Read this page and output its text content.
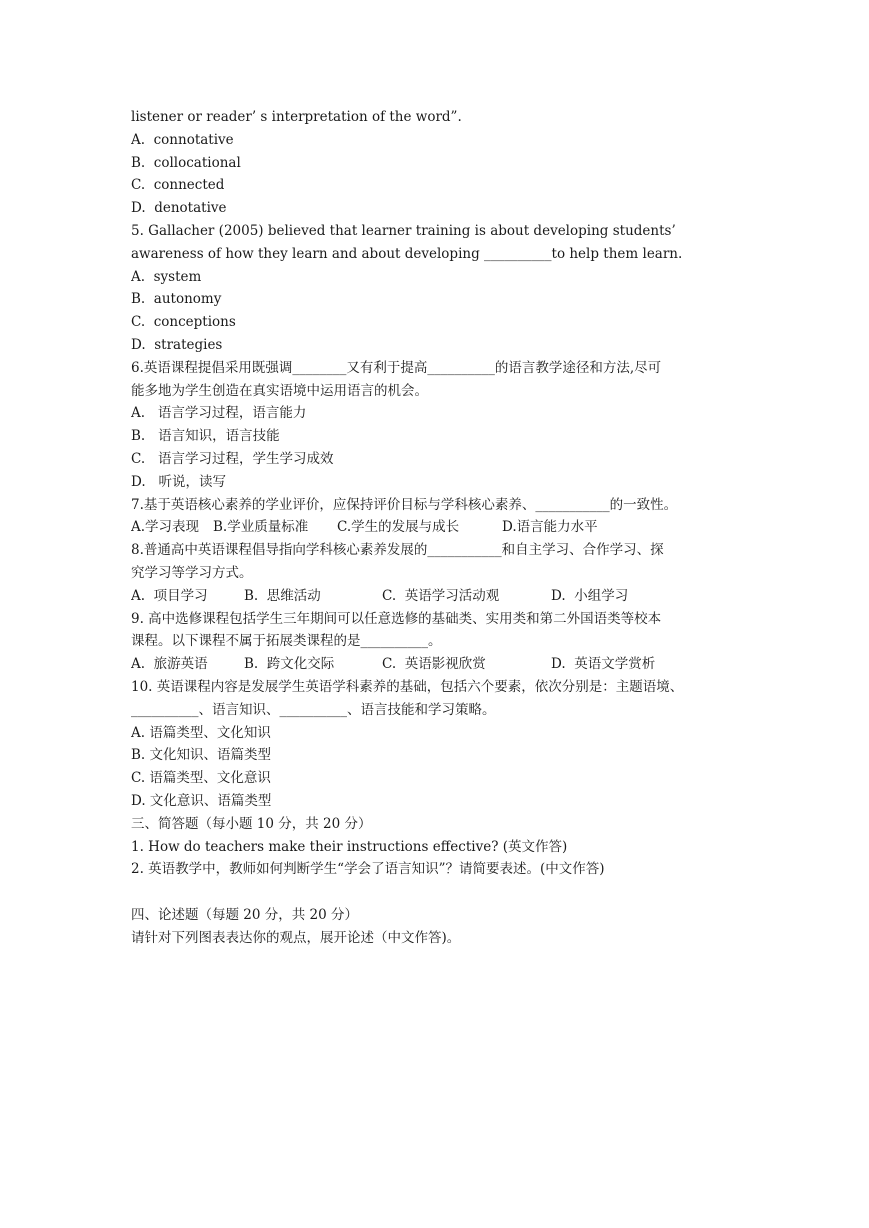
listener or reader’ s interpretation of the word”.
A.  connotative
B.  collocational
C.  connected
D.  denotative
5. Gallacher (2005) believed that learner training is about developing students’
awareness of how they learn and about developing __________to help them learn.
A.  system
B.  autonomy
C.  conceptions
D.  strategies
6.英语课程提倡采用既强调________又有利于提高__________的语言教学途径和方法,尽可
能多地为学生创造在真实语境中运用语言的机会。
A.   语言学习过程，语言能力
B.   语言知识，语言技能
C.   语言学习过程，学生学习成效
D.   听说，读写
7.基于英语核心素养的学业评价，应保持评价目标与学科核心素养、___________的一致性。
A.学习表现	B.学业质量标准	C.学生的发展与成长	D.语言能力水平
8.普通高中英语课程倡导指向学科核心素养发展的___________和自主学习、合作学习、探
究学习等学习方式。
A.  项目学习	B.  思维活动	C.  英语学习活动观	D.  小组学习
9. 高中选修课程包括学生三年期间可以任意选修的基础类、实用类和第二外国语类等校本
课程。以下课程不属于拓展类课程的是__________。
A.  旅游英语	B.  跨文化交际	C.  英语影视欣赏	D.  英语文学赏析
10. 英语课程内容是发展学生英语学科素养的基础，包括六个要素，依次分别是：主题语境、
__________、语言知识、__________、语言技能和学习策略。
A. 语篇类型、文化知识
B. 文化知识、语篇类型
C. 语篇类型、文化意识
D. 文化意识、语篇类型
三、简答题（每小题 10 分，共 20 分）
1. How do teachers make their instructions effective? (英文作答)
2. 英语教学中，教师如何判断学生“学会了语言知识”？请简要表述。(中文作答)
四、论述题（每题 20 分，共 20 分）
请针对下列图表表达你的观点，展开论述（中文作答)。
